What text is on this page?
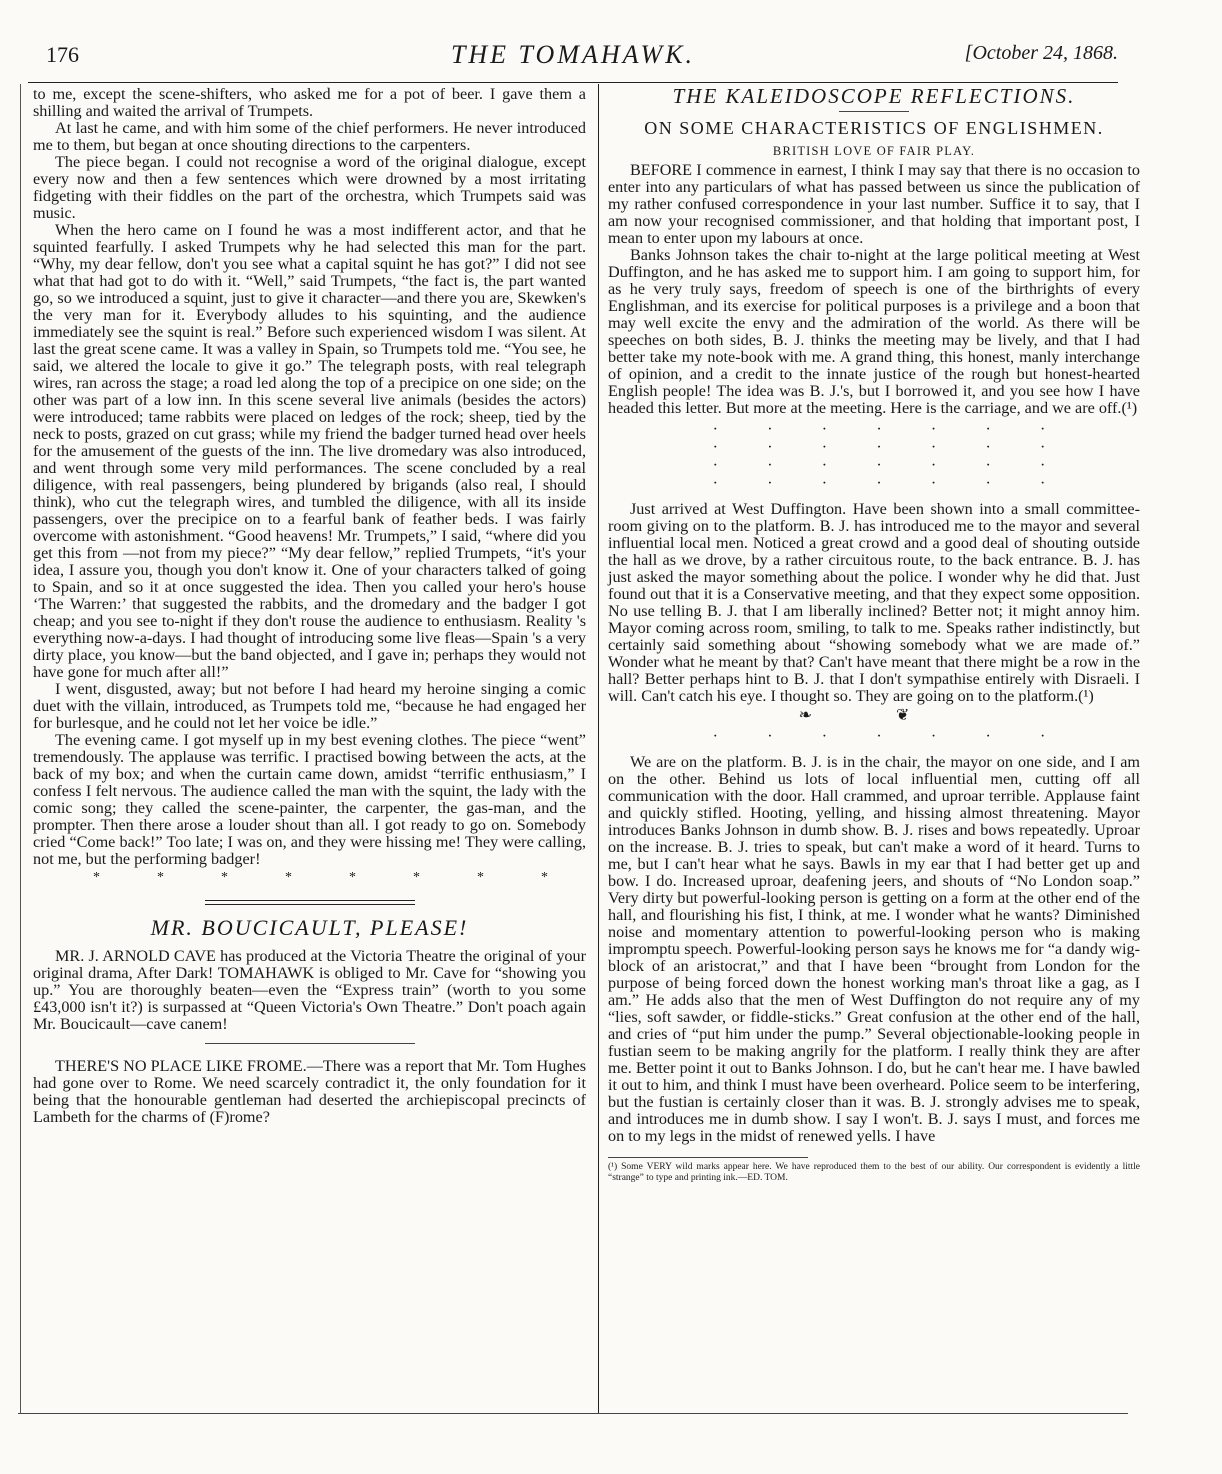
176	THE TOMAHAWK.	[October 24, 1868.

to me, except the scene-shifters, who asked me for a pot of beer. I gave them a shilling and waited the arrival of Trumpets.

At last he came, and with him some of the chief performers. He never introduced me to them, but began at once shouting directions to the carpenters.

The piece began. I could not recognise a word of the original dialogue, except every now and then a few sentences which were drowned by a most irritating fidgeting with their fiddles on the part of the orchestra, which Trumpets said was music.

When the hero came on I found he was a most indifferent actor, and that he squinted fearfully. I asked Trumpets why he had selected this man for the part. “Why, my dear fellow, don't you see what a capital squint he has got?” I did not see what that had got to do with it. “Well,” said Trumpets, “the fact is, the part wanted go, so we introduced a squint, just to give it character—and there you are, Skewken's the very man for it. Everybody alludes to his squinting, and the audience immediately see the squint is real.” Before such experienced wisdom I was silent. At last the great scene came. It was a valley in Spain, so Trumpets told me. “You see, he said, we altered the locale to give it go.” The telegraph posts, with real telegraph wires, ran across the stage; a road led along the top of a precipice on one side; on the other was part of a low inn. In this scene several live animals (besides the actors) were introduced; tame rabbits were placed on ledges of the rock; sheep, tied by the neck to posts, grazed on cut grass; while my friend the badger turned head over heels for the amusement of the guests of the inn. The live dromedary was also introduced, and went through some very mild performances. The scene concluded by a real diligence, with real passengers, being plundered by brigands (also real, I should think), who cut the telegraph wires, and tumbled the diligence, with all its inside passengers, over the precipice on to a fearful bank of feather beds. I was fairly overcome with astonishment. “Good heavens! Mr. Trumpets,” I said, “where did you get this from —not from my piece?” “My dear fellow,” replied Trumpets, “it's your idea, I assure you, though you don't know it. One of your characters talked of going to Spain, and so it at once suggested the idea. Then you called your hero's house ‘The Warren:’ that suggested the rabbits, and the dromedary and the badger I got cheap; and you see to-night if they don't rouse the audience to enthusiasm. Reality 's everything now-a-days. I had thought of introducing some live fleas—Spain 's a very dirty place, you know—but the band objected, and I gave in; perhaps they would not have gone for much after all!”

I went, disgusted, away; but not before I had heard my heroine singing a comic duet with the villain, introduced, as Trumpets told me, “because he had engaged her for burlesque, and he could not let her voice be idle.”

The evening came. I got myself up in my best evening clothes. The piece “went” tremendously. The applause was terrific. I practised bowing between the acts, at the back of my box; and when the curtain came down, amidst “terrific enthusiasm,” I confess I felt nervous. The audience called the man with the squint, the lady with the comic song; they called the scene-painter, the carpenter, the gas-man, and the prompter. Then there arose a louder shout than all. I got ready to go on. Somebody cried “Come back!” Too late; I was on, and they were hissing me! They were calling, not me, but the performing badger!

*	*	*	*	*	*	*	*
MR. BOUCICAULT, PLEASE!

MR. J. ARNOLD CAVE has produced at the Victoria Theatre the original of your original drama, After Dark! TOMAHAWK is obliged to Mr. Cave for “showing you up.” You are thoroughly beaten—even the “Express train” (worth to you some £43,000 isn't it?) is surpassed at “Queen Victoria's Own Theatre.” Don't poach again Mr. Boucicault—cave canem!

THERE'S NO PLACE LIKE FROME.—There was a report that Mr. Tom Hughes had gone over to Rome. We need scarcely contradict it, the only foundation for it being that the honourable gentleman had deserted the archiepiscopal precincts of Lambeth for the charms of (F)rome?

THE KALEIDOSCOPE REFLECTIONS.
ON SOME CHARACTERISTICS OF ENGLISHMEN.
BRITISH LOVE OF FAIR PLAY.

BEFORE I commence in earnest, I think I may say that there is no occasion to enter into any particulars of what has passed between us since the publication of my rather confused correspondence in your last number. Suffice it to say, that I am now your recognised commissioner, and that holding that important post, I mean to enter upon my labours at once.

Banks Johnson takes the chair to-night at the large political meeting at West Duffington, and he has asked me to support him. I am going to support him, for as he very truly says, freedom of speech is one of the birthrights of every Englishman, and its exercise for political purposes is a privilege and a boon that may well excite the envy and the admiration of the world. As there will be speeches on both sides, B. J. thinks the meeting may be lively, and that I had better take my note-book with me. A grand thing, this honest, manly interchange of opinion, and a credit to the innate justice of the rough but honest-hearted English people! The idea was B. J.'s, but I borrowed it, and you see how I have headed this letter. But more at the meeting. Here is the carriage, and we are off.(¹)

·	·	·	·	·	·	·
·	·	·	·	·	·	·
·	·	·	·	·	·	·
·	·	·	·	·	·	·

Just arrived at West Duffington. Have been shown into a small committee-room giving on to the platform. B. J. has introduced me to the mayor and several influential local men. Noticed a great crowd and a good deal of shouting outside the hall as we drove, by a rather circuitous route, to the back entrance. B. J. has just asked the mayor something about the police. I wonder why he did that. Just found out that it is a Conservative meeting, and that they expect some opposition. No use telling B. J. that I am liberally inclined? Better not; it might annoy him. Mayor coming across room, smiling, to talk to me. Speaks rather indistinctly, but certainly said something about “showing somebody what we are made of.” Wonder what he meant by that? Can't have meant that there might be a row in the hall? Better perhaps hint to B. J. that I don't sympathise entirely with Disraeli. I will. Can't catch his eye. I thought so. They are going on to the platform.(¹)

❧ ❦
·	·	·	·	·	·	·

We are on the platform. B. J. is in the chair, the mayor on one side, and I am on the other. Behind us lots of local influential men, cutting off all communication with the door. Hall crammed, and uproar terrible. Applause faint and quickly stifled. Hooting, yelling, and hissing almost threatening. Mayor introduces Banks Johnson in dumb show. B. J. rises and bows repeatedly. Uproar on the increase. B. J. tries to speak, but can't make a word of it heard. Turns to me, but I can't hear what he says. Bawls in my ear that I had better get up and bow. I do. Increased uproar, deafening jeers, and shouts of “No London soap.” Very dirty but powerful-looking person is getting on a form at the other end of the hall, and flourishing his fist, I think, at me. I wonder what he wants? Diminished noise and momentary attention to powerful-looking person who is making impromptu speech. Powerful-looking person says he knows me for “a dandy wig-block of an aristocrat,” and that I have been “brought from London for the purpose of being forced down the honest working man's throat like a gag, as I am.” He adds also that the men of West Duffington do not require any of my “lies, soft sawder, or fiddle-sticks.” Great confusion at the other end of the hall, and cries of “put him under the pump.” Several objectionable-looking people in fustian seem to be making angrily for the platform. I really think they are after me. Better point it out to Banks Johnson. I do, but he can't hear me. I have bawled it out to him, and think I must have been overheard. Police seem to be interfering, but the fustian is certainly closer than it was. B. J. strongly advises me to speak, and introduces me in dumb show. I say I won't. B. J. says I must, and forces me on to my legs in the midst of renewed yells. I have

(¹) Some VERY wild marks appear here. We have reproduced them to the best of our ability. Our correspondent is evidently a little “strange” to type and printing ink.—ED. TOM.
